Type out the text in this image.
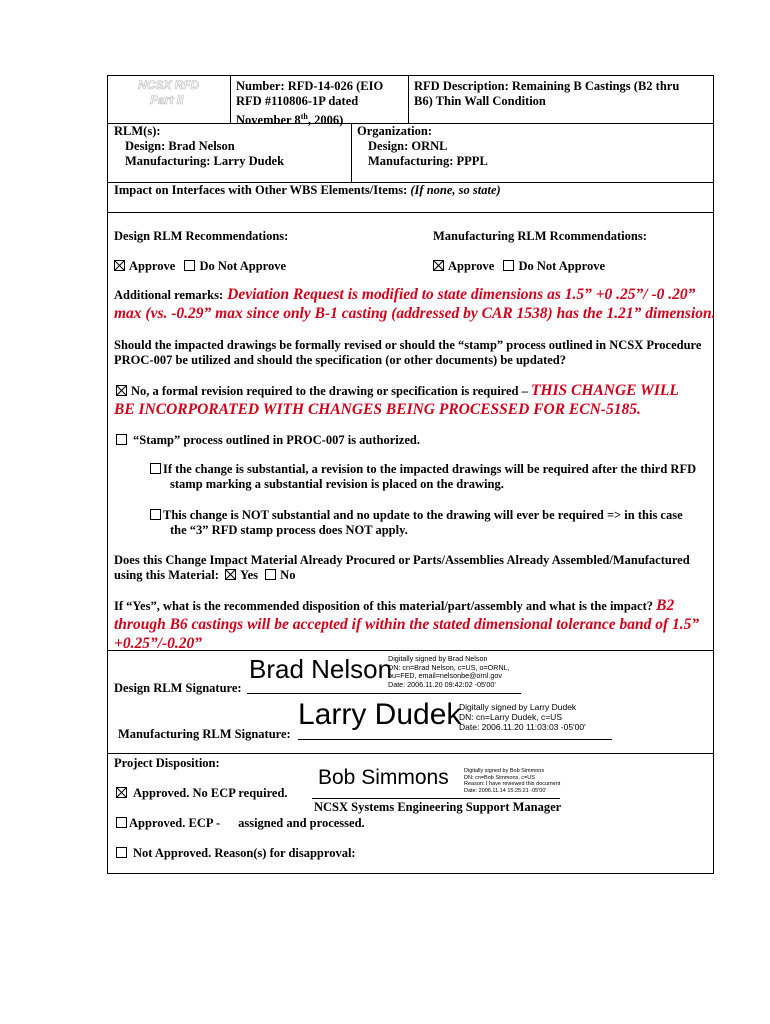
NCSX RFD
Part II
Number: RFD-14-026 (EIO
RFD #110806-1P dated
November 8th, 2006)
RFD Description: Remaining B Castings (B2 thru
B6) Thin Wall Condition
RLM(s):
Design: Brad Nelson
Manufacturing: Larry Dudek
Organization:
Design: ORNL
Manufacturing: PPPL
Impact on Interfaces with Other WBS Elements/Items: (If none, so state)
Design RLM Recommendations:	Manufacturing RLM Rcommendations:
Approve Do Not Approve	Approve Do Not Approve
Additional remarks: Deviation Request is modified to state dimensions as 1.5” +0 .25”/ -0 .20”
max (vs. -0.29” max since only B-1 casting (addressed by CAR 1538) has the 1.21” dimension.
Should the impacted drawings be formally revised or should the “stamp” process outlined in NCSX Procedure
PROC-007 be utilized and should the specification (or other documents) be updated?
No, a formal revision required to the drawing or specification is required – THIS CHANGE WILL
BE INCORPORATED WITH CHANGES BEING PROCESSED FOR ECN-5185.
“Stamp” process outlined in PROC-007 is authorized.
If the change is substantial, a revision to the impacted drawings will be required after the third RFD
stamp marking a substantial revision is placed on the drawing.
This change is NOT substantial and no update to the drawing will ever be required => in this case
the “3” RFD stamp process does NOT apply.
Does this Change Impact Material Already Procured or Parts/Assemblies Already Assembled/Manufactured
using this Material: Yes No
If “Yes”, what is the recommended disposition of this material/part/assembly and what is the impact? B2
through B6 castings will be accepted if within the stated dimensional tolerance band of 1.5”
+0.25”/-0.20”
Design RLM Signature:
Brad Nelson
Digitally signed by Brad Nelson
DN: cn=Brad Nelson, c=US, o=ORNL,
ou=FED, email=nelsonbe@ornl.gov
Date: 2006.11.20 09:42:02 -05'00'
Manufacturing RLM Signature:
Larry Dudek
Digitally signed by Larry Dudek
DN: cn=Larry Dudek, c=US
Date: 2006.11.20 11:03:03 -05'00'
Project Disposition:
Approved. No ECP required.
Bob Simmons	Digitally signed by Bob Simmons
DN: cn=Bob Simmons, c=US
Reason: I have reviewed this document
Date: 2006.11.14 15:25:21 -05'00'
NCSX Systems Engineering Support Manager
Approved. ECP - assigned and processed.
Not Approved. Reason(s) for disapproval:
